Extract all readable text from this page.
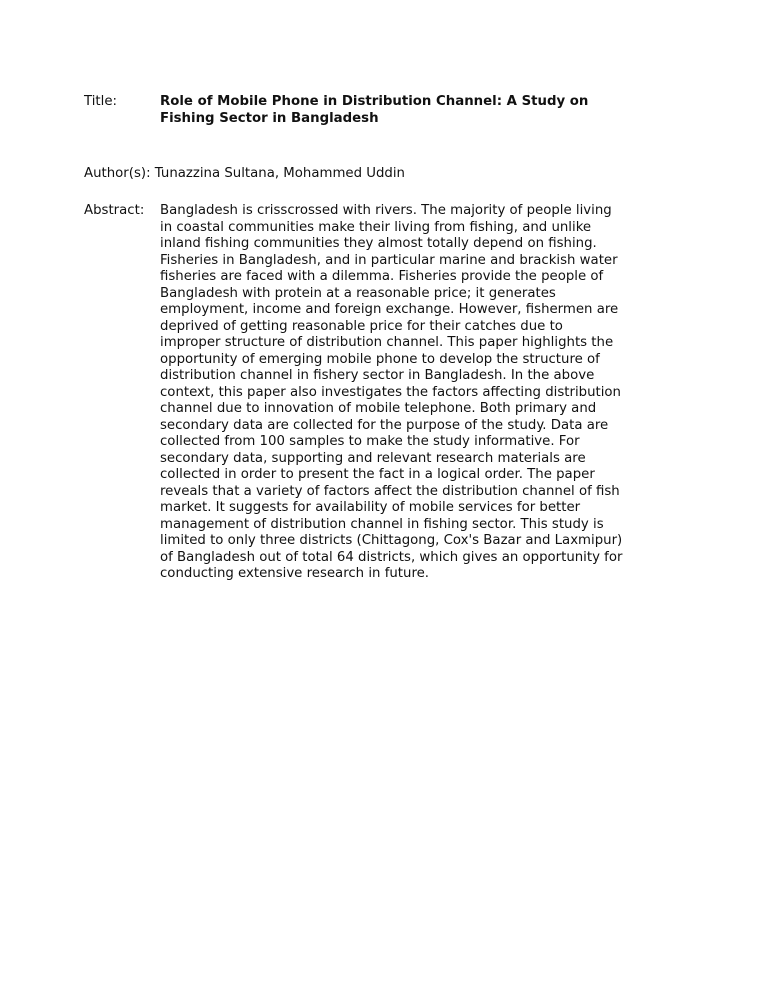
Title:	Role of Mobile Phone in Distribution Channel: A Study on Fishing Sector in Bangladesh
Author(s): Tunazzina Sultana, Mohammed Uddin
Abstract:	Bangladesh is crisscrossed with rivers. The majority of people living in coastal communities make their living from fishing, and unlike inland fishing communities they almost totally depend on fishing. Fisheries in Bangladesh, and in particular marine and brackish water fisheries are faced with a dilemma. Fisheries provide the people of Bangladesh with protein at a reasonable price; it generates employment, income and foreign exchange. However, fishermen are deprived of getting reasonable price for their catches due to improper structure of distribution channel. This paper highlights the opportunity of emerging mobile phone to develop the structure of distribution channel in fishery sector in Bangladesh. In the above context, this paper also investigates the factors affecting distribution channel due to innovation of mobile telephone. Both primary and secondary data are collected for the purpose of the study. Data are collected from 100 samples to make the study informative. For secondary data, supporting and relevant research materials are collected in order to present the fact in a logical order. The paper reveals that a variety of factors affect the distribution channel of fish market. It suggests for availability of mobile services for better management of distribution channel in fishing sector. This study is limited to only three districts (Chittagong, Cox's Bazar and Laxmipur) of Bangladesh out of total 64 districts, which gives an opportunity for conducting extensive research in future.
